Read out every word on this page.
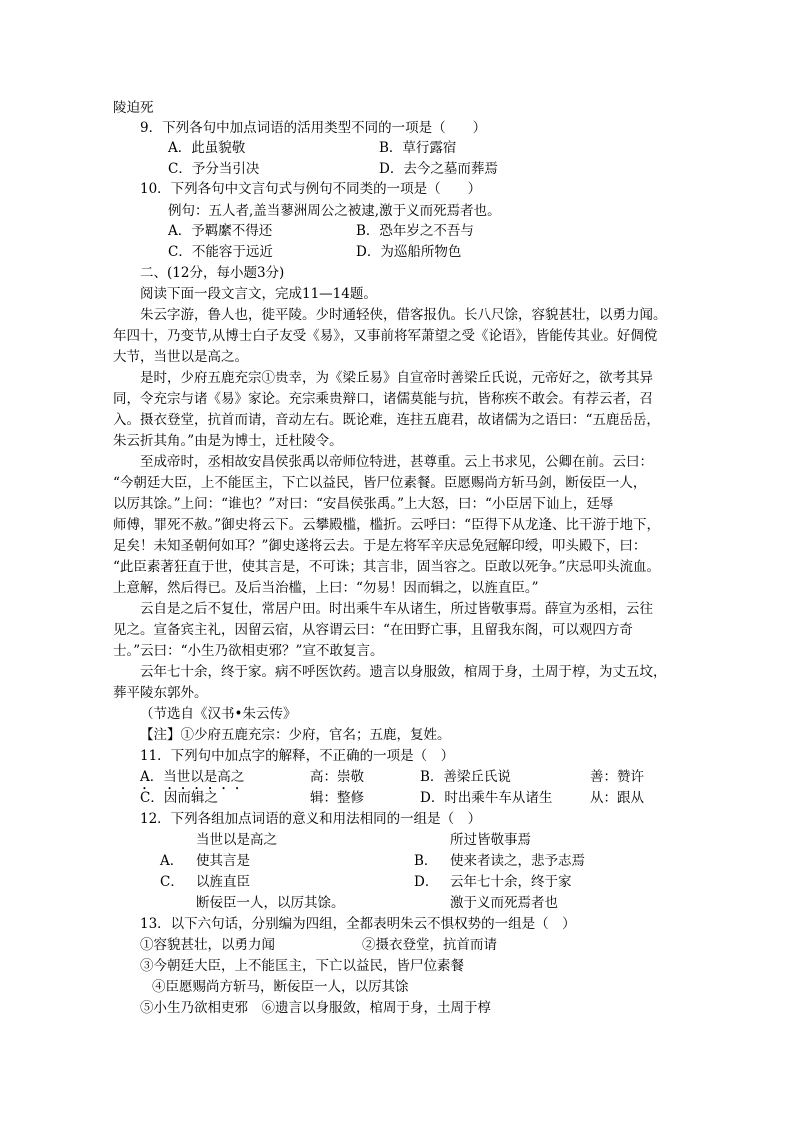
陵迫死
9．下列各句中加点词语的活用类型不同的一项是（　　）
A．此虽貌敬	B．草行露宿
C．予分当引决	D．去今之墓而葬焉
10．下列各句中文言句式与例句不同类的一项是（　　）
例句：五人者,盖当蓼洲周公之被逮,激于义而死焉者也。
A．予羁縻不得还	B．恐年岁之不吾与
C．不能容于远近	D．为巡船所物色
二、(12分，每小题3分)
阅读下面一段文言文，完成11—14题。
朱云字游，鲁人也，徙平陵。少时通轻侠，借客报仇。长八尺馀，容貌甚壮，以勇力闻。
年四十，乃变节,从博士白子友受《易》，又事前将军萧望之受《论语》，皆能传其业。好倜傥
大节，当世以是高之。
是时，少府五鹿充宗①贵幸，为《梁丘易》自宣帝时善梁丘氏说，元帝好之，欲考其异
同，令充宗与诸《易》家论。充宗乘贵辩口，诸儒莫能与抗，皆称疾不敢会。有荐云者，召
入。摄衣登堂，抗首而请，音动左右。既论难，连拄五鹿君，故诸儒为之语曰：“五鹿岳岳，
朱云折其角。”由是为博士，迁杜陵令。
至成帝时，丞相故安昌侯张禹以帝师位特进，甚尊重。云上书求见，公卿在前。云曰：
“今朝廷大臣，上不能匡主，下亡以益民，皆尸位素餐。臣愿赐尚方斩马剑，断佞臣一人，
以厉其馀。”上问：“谁也？”对曰：“安昌侯张禹。”上大怒，曰：“小臣居下讪上，廷辱
师傅，罪死不赦。”御史将云下。云攀殿槛，槛折。云呼曰：“臣得下从龙逢、比干游于地下，
足矣！未知圣朝何如耳？”御史遂将云去。于是左将军辛庆忌免冠解印绶，叩头殿下，曰：
“此臣素著狂直于世，使其言是，不可诛；其言非，固当容之。臣敢以死争。”庆忌叩头流血。
上意解，然后得已。及后当治槛，上曰：“勿易！因而辑之，以旌直臣。”
云自是之后不复仕，常居户田。时出乘牛车从诸生，所过皆敬事焉。薛宣为丞相，云往
见之。宣备宾主礼，因留云宿，从容谓云曰：“在田野亡事，且留我东阁，可以观四方奇
士。”云曰：“小生乃欲相吏邪？”宣不敢复言。
云年七十余，终于家。病不呼医饮药。遗言以身服敛，棺周于身，土周于椁，为丈五坟，
葬平陵东郭外。
（节选自《汉书•朱云传》
【注】①少府五鹿充宗：少府，官名；五鹿，复姓。
11．下列句中加点字的解释，不正确的一项是（　）
A．当世以是高之	高：崇敬	B．善梁丘氏说	善：赞许
C．因而辑之	辑：整修	D．时出乘牛车从诸生	从：跟从
12．下列各组加点词语的意义和用法相同的一组是（　）
当世以是高之	所过皆敬事焉
A． 使其言是	B． 使来者读之，悲予志焉
C． 以旌直臣	D． 云年七十余，终于家
断佞臣一人，以厉其馀。	激于义而死焉者也
13．以下六句话，分别编为四组，全都表明朱云不惧权势的一组是（　）
①容貌甚壮，以勇力闻	②摄衣登堂，抗首而请
③今朝廷大臣，上不能匡主，下亡以益民，皆尸位素餐
④臣愿赐尚方斩马，断佞臣一人，以厉其馀
⑤小生乃欲相吏邪　⑥遗言以身服敛，棺周于身，土周于椁
